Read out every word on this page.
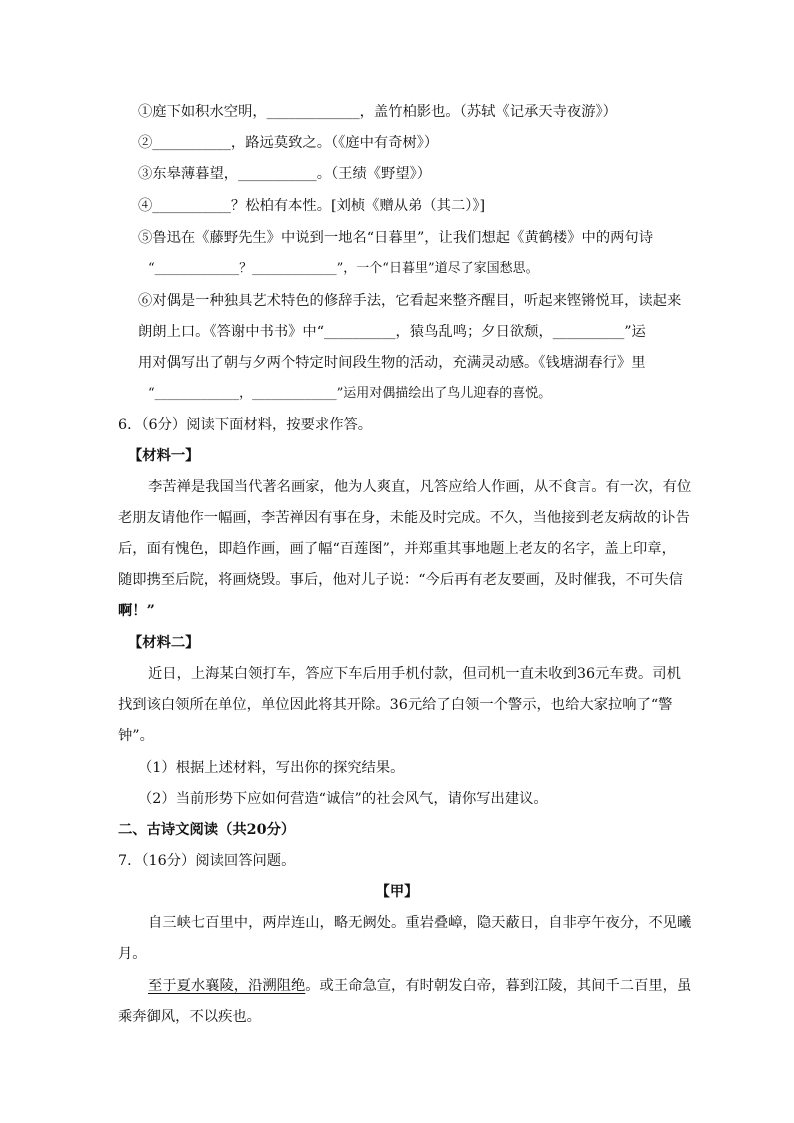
①庭下如积水空明，_____________，盖竹柏影也。（苏轼《记承天寺夜游》）
②___________，路远莫致之。（《庭中有奇树》）
③东皋薄暮望，___________。（王绩《野望》）
④___________？松柏有本性。[刘桢《赠从弟（其二）》]
⑤鲁迅在《藤野先生》中说到一地名“日暮里”，让我们想起《黄鹤楼》中的两句诗
“_____________？_____________”，一个“日暮里”道尽了家国愁思。
⑥对偶是一种独具艺术特色的修辞手法，它看起来整齐醒目，听起来铿锵悦耳，读起来
朗朗上口。《答谢中书书》中“__________，猿鸟乱鸣；夕日欲颓，__________”运
用对偶写出了朝与夕两个特定时间段生物的活动，充满灵动感。《钱塘湖春行》里
“_____________，_____________”运用对偶描绘出了鸟儿迎春的喜悦。
6．（6分）阅读下面材料，按要求作答。
【材料一】
李苦禅是我国当代著名画家，他为人爽直，凡答应给人作画，从不食言。有一次，有位
老朋友请他作一幅画，李苦禅因有事在身，未能及时完成。不久，当他接到老友病故的讣告
后，面有愧色，即趋作画，画了幅“百莲图”，并郑重其事地题上老友的名字，盖上印章，
随即携至后院，将画烧毁。事后，他对儿子说：“今后再有老友要画，及时催我，不可失信
啊！”
【材料二】
近日，上海某白领打车，答应下车后用手机付款，但司机一直未收到36元车费。司机
找到该白领所在单位，单位因此将其开除。36元给了白领一个警示，也给大家拉响了“警
钟”。
（1）根据上述材料，写出你的探究结果。
（2）当前形势下应如何营造“诚信”的社会风气，请你写出建议。
二、古诗文阅读（共20分）
7．（16分）阅读回答问题。
【甲】
自三峡七百里中，两岸连山，略无阙处。重岩叠嶂，隐天蔽日，自非亭午夜分，不见曦
月。
至于夏水襄陵，沿溯阻绝。或王命急宣，有时朝发白帝，暮到江陵，其间千二百里，虽
乘奔御风，不以疾也。
